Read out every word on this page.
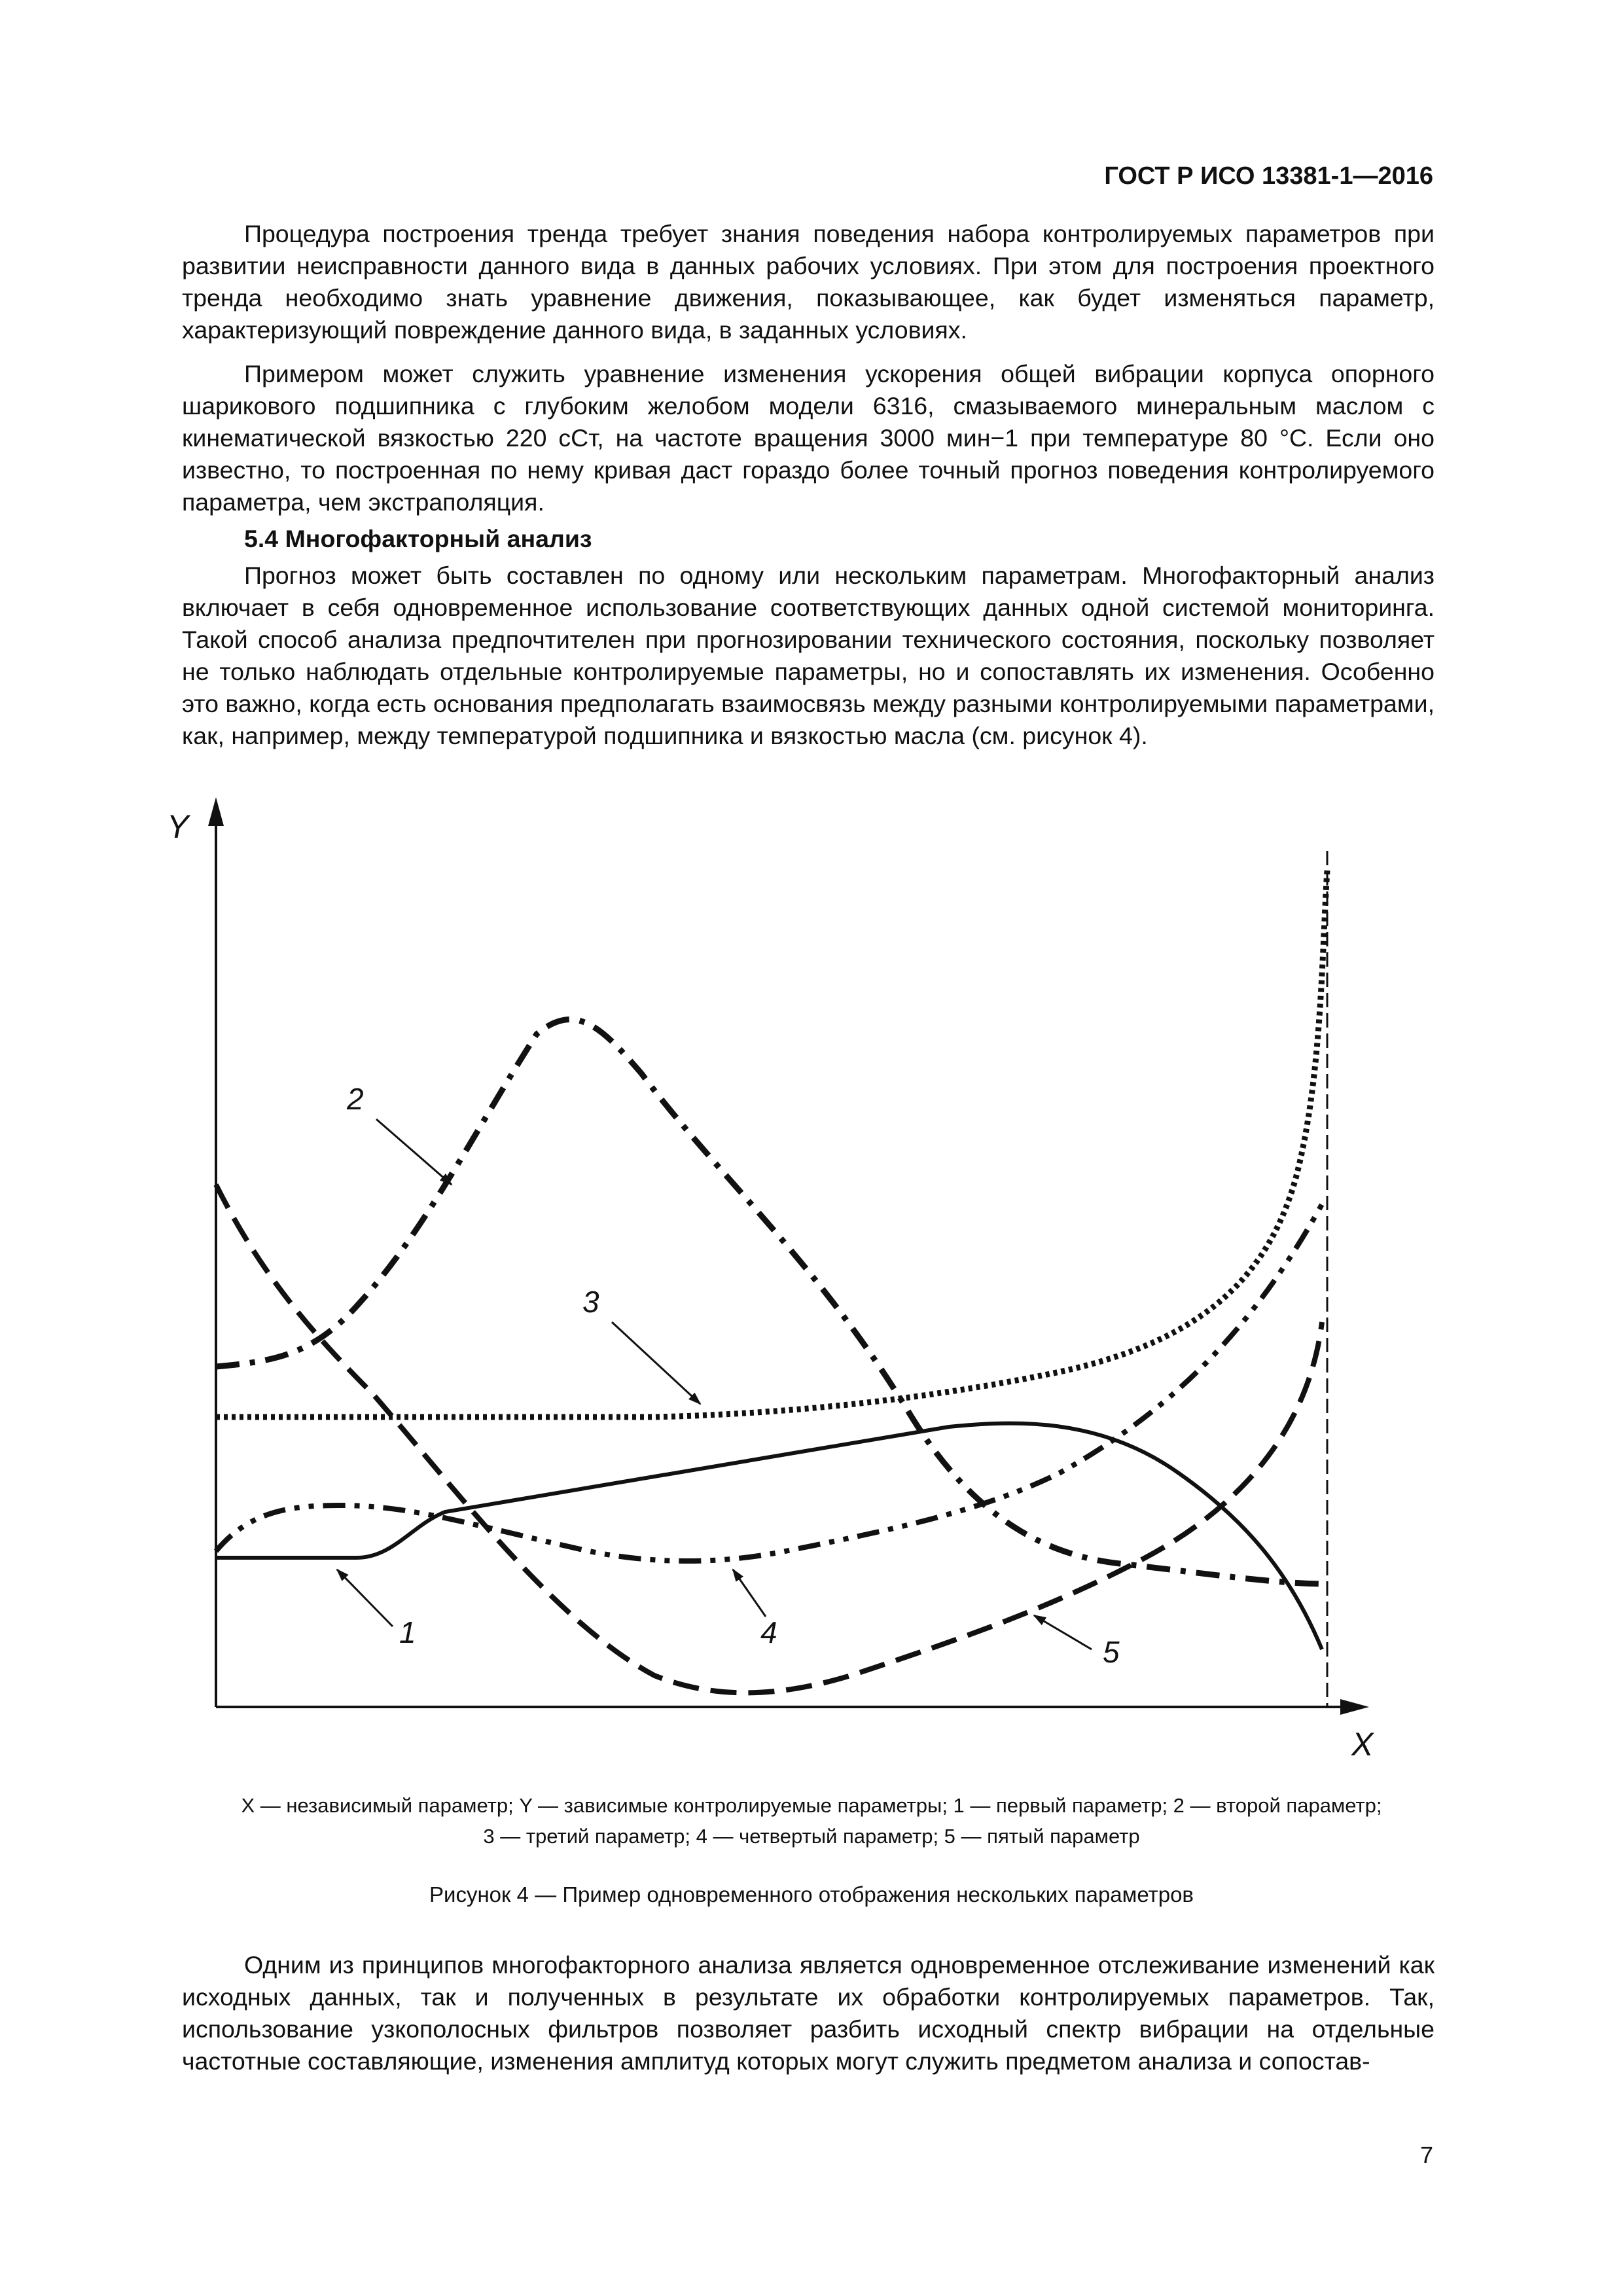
ГОСТ Р ИСО 13381-1—2016

Процедура построения тренда требует знания поведения набора контролируемых параметров при развитии неисправности данного вида в данных рабочих условиях. При этом для построения проектного тренда необходимо знать уравнение движения, показывающее, как будет изменяться параметр, характеризующий повреждение данного вида, в заданных условиях.

Примером может служить уравнение изменения ускорения общей вибрации корпуса опорного шарикового подшипника с глубоким желобом модели 6316, смазываемого минеральным маслом с кинематической вязкостью 220 сСт, на частоте вращения 3000 мин−1 при температуре 80 °С. Если оно известно, то построенная по нему кривая даст гораздо более точный прогноз поведения контролируемого параметра, чем экстраполяция.

5.4 Многофакторный анализ

Прогноз может быть составлен по одному или нескольким параметрам. Многофакторный анализ включает в себя одновременное использование соответствующих данных одной системой мониторинга. Такой способ анализа предпочтителен при прогнозировании технического состояния, поскольку позволяет не только наблюдать отдельные контролируемые параметры, но и сопоставлять их изменения. Особенно это важно, когда есть основания предполагать взаимосвязь между разными контролируемыми параметрами, как, например, между температурой подшипника и вязкостью масла (см. рисунок 4).

Y
X
2
3
1	4
5
X — независимый параметр; Y — зависимые контролируемые параметры; 1 — первый параметр; 2 — второй параметр;
3 — третий параметр; 4 — четвертый параметр; 5 — пятый параметр
Рисунок 4 — Пример одновременного отображения нескольких параметров

Одним из принципов многофакторного анализа является одновременное отслеживание изменений как исходных данных, так и полученных в результате их обработки контролируемых параметров. Так, использование узкополосных фильтров позволяет разбить исходный спектр вибрации на отдельные частотные составляющие, изменения амплитуд которых могут служить предметом анализа и сопостав-

7
